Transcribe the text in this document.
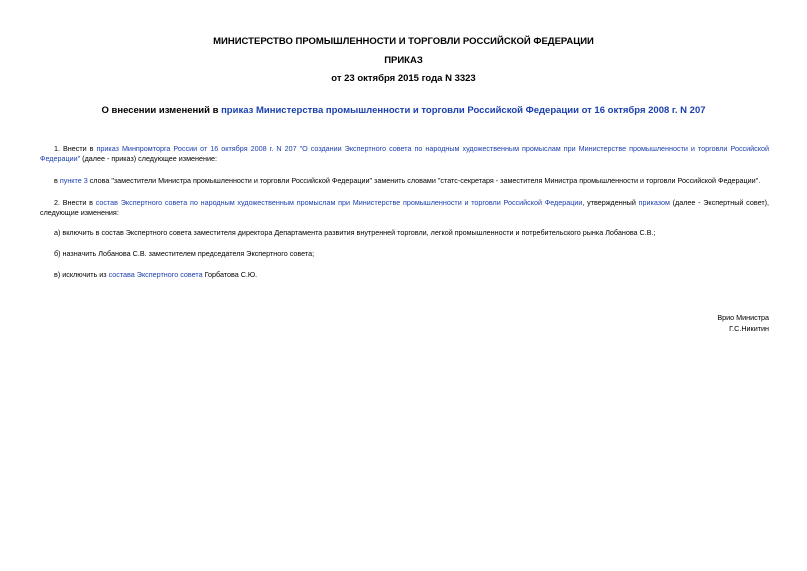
МИНИСТЕРСТВО ПРОМЫШЛЕННОСТИ И ТОРГОВЛИ РОССИЙСКОЙ ФЕДЕРАЦИИ
ПРИКАЗ
от 23 октября 2015 года N 3323
О внесении изменений в приказ Министерства промышленности и торговли Российской Федерации от 16 октября 2008 г. N 207
1. Внести в приказ Минпромторга России от 16 октября 2008 г. N 207 "О создании Экспертного совета по народным художественным промыслам при Министерстве промышленности и торговли Российской Федерации" (далее - приказ) следующее изменение:
в пункте 3 слова "заместители Министра промышленности и торговли Российской Федерации" заменить словами "статс-секретаря - заместителя Министра промышленности и торговли Российской Федерации".
2. Внести в состав Экспертного совета по народным художественным промыслам при Министерстве промышленности и торговли Российской Федерации, утвержденный приказом (далее - Экспертный совет), следующие изменения:
а) включить в состав Экспертного совета заместителя директора Департамента развития внутренней торговли, легкой промышленности и потребительского рынка Лобанова С.В.;
б) назначить Лобанова С.В. заместителем председателя Экспертного совета;
в) исключить из состава Экспертного совета Горбатова С.Ю.
Врио Министра
Г.С.Никитин
